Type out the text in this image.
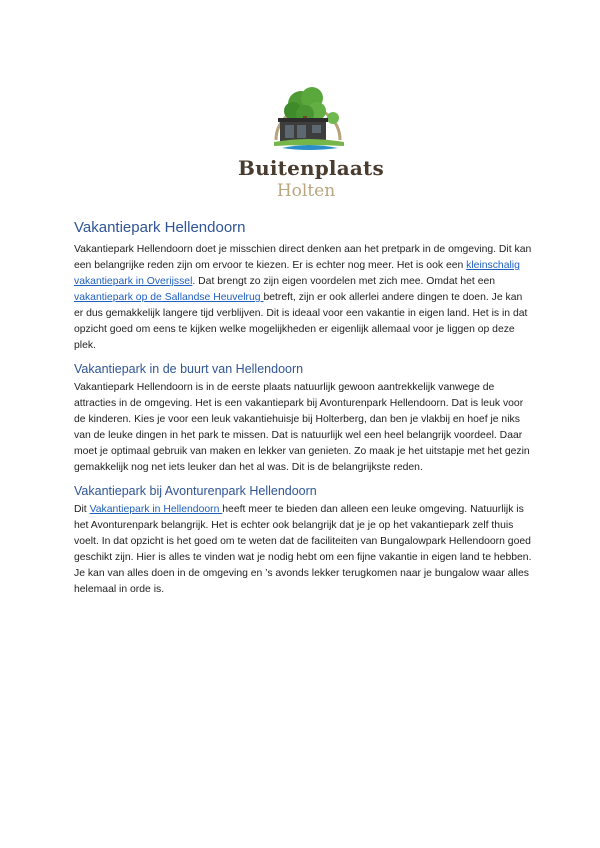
Buitenplaats
Holten
Vakantiepark Hellendoorn

Vakantiepark Hellendoorn doet je misschien direct denken aan het pretpark in de omgeving. Dit kan een belangrijke reden zijn om ervoor te kiezen. Er is echter nog meer. Het is ook een kleinschalig vakantiepark in Overijssel. Dat brengt zo zijn eigen voordelen met zich mee. Omdat het een vakantiepark op de Sallandse Heuvelrug betreft, zijn er ook allerlei andere dingen te doen. Je kan er dus gemakkelijk langere tijd verblijven. Dit is ideaal voor een vakantie in eigen land. Het is in dat opzicht goed om eens te kijken welke mogelijkheden er eigenlijk allemaal voor je liggen op deze plek.

Vakantiepark in de buurt van Hellendoorn

Vakantiepark Hellendoorn is in de eerste plaats natuurlijk gewoon aantrekkelijk vanwege de attracties in de omgeving. Het is een vakantiepark bij Avonturenpark Hellendoorn. Dat is leuk voor de kinderen. Kies je voor een leuk vakantiehuisje bij Holterberg, dan ben je vlakbij en hoef je niks van de leuke dingen in het park te missen. Dat is natuurlijk wel een heel belangrijk voordeel. Daar moet je optimaal gebruik van maken en lekker van genieten. Zo maak je het uitstapje met het gezin gemakkelijk nog net iets leuker dan het al was. Dit is de belangrijkste reden.

Vakantiepark bij Avonturenpark Hellendoorn

Dit Vakantiepark in Hellendoorn heeft meer te bieden dan alleen een leuke omgeving. Natuurlijk is het Avonturenpark belangrijk. Het is echter ook belangrijk dat je je op het vakantiepark zelf thuis voelt. In dat opzicht is het goed om te weten dat de faciliteiten van Bungalowpark Hellendoorn goed geschikt zijn. Hier is alles te vinden wat je nodig hebt om een fijne vakantie in eigen land te hebben. Je kan van alles doen in de omgeving en ’s avonds lekker terugkomen naar je bungalow waar alles helemaal in orde is.
